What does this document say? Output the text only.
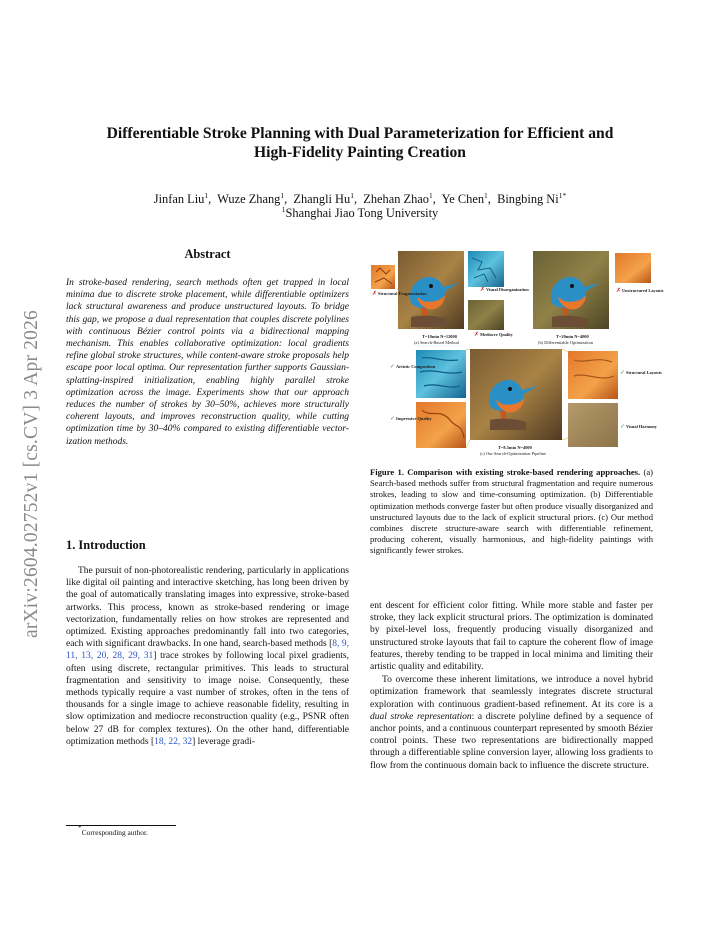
arXiv:2604.02752v1 [cs.CV] 3 Apr 2026
Differentiable Stroke Planning with Dual Parameterization for Efficient and
High-Fidelity Painting Creation
Jinfan Liu$^1$,  Wuze Zhang$^1$,  Zhangli Hu$^1$,  Zhehan Zhao$^1$,  Ye Chen$^1$,  Bingbing $Ni^{1*}$
$^1$Shanghai Jiao Tong University
Abstract
In stroke-based rendering, search methods often get trapped in local minima due to discrete stroke placement, while differentiable optimizers lack structural awareness and produce unstructured layouts. To bridge this gap, we propose a dual representation that couples discrete polylines with continuous Bézier control points via a bidirectional mapping mechanism. This enables collaborative optimization: local gradients refine global stroke structures, while content-aware stroke proposals help escape poor local optima. Our representation further supports Gaussian-splatting-inspired initialization, enabling highly parallel stroke optimization across the image. Experiments show that our approach reduces the number of strokes by 30–50%, achieves more structurally coherent layouts, and improves reconstruction quality, while cutting optimization time by 30–40% compared to existing differentiable vector-ization methods.
1. Introduction

The pursuit of non-photorealistic rendering, particularly in applications like digital oil painting and interactive sketching, has long been driven by the goal of automatically translating images into expressive, stroke-based artworks. This process, known as stroke-based rendering or image vectorization, fundamentally relies on how strokes are represented and optimized. Existing approaches predominantly fall into two categories, each with significant drawbacks. In one hand, search-based methods [8, 9, 11, 13, 20, 28, 29, 31] trace strokes by following local pixel gradients, often using discrete, rectangular primitives. This leads to structural fragmentation and sensitivity to image noise. Consequently, these methods typically require a vast number of strokes, often in the tens of thousands for a single image to achieve reasonable fidelity, resulting in slow optimization and mediocre reconstruction quality (e.g., PSNR often below 27 dB for complex textures). On the other hand, differentiable optimization methods [18, 22, 32] leverage gradi-

*Corresponding author.
✗ Structural Fragmentation
✗ Visual Disorganization
✗ Mediocre Quality
✗ Unstructured Layouts
T=10min N=12000
(a) Search-Based Method
T=20min N=4000
(b) Differentiable Optimization
✓ Artistic Composition
✓ Impressive Quality
✓ Structural Layouts
✓ Visual Harmony
T=8.5min N=4000
(c) Our Search-Optimization Pipeline
Figure 1. Comparison with existing stroke-based rendering approaches. (a) Search-based methods suffer from structural fragmentation and require numerous strokes, leading to slow and time-consuming optimization. (b) Differentiable optimization methods converge faster but often produce visually disorganized and unstructured layouts due to the lack of explicit structural priors. (c) Our method combines discrete structure-aware search with differentiable refinement, producing coherent, visually harmonious, and high-fidelity paintings with significantly fewer strokes.

ent descent for efficient color fitting. While more stable and faster per stroke, they lack explicit structural priors. The optimization is dominated by pixel-level loss, frequently producing visually disorganized and unstructured stroke layouts that fail to capture the coherent flow of image features, thereby tending to be trapped in local minima and limiting their artistic quality and editability.

To overcome these inherent limitations, we introduce a novel hybrid optimization framework that seamlessly integrates discrete structural exploration with continuous gradient-based refinement. At its core is a dual stroke representation: a discrete polyline defined by a sequence of anchor points, and a continuous counterpart represented by smooth Bézier control points. These two representations are bidirectionally mapped through a differentiable spline conversion layer, allowing loss gradients to flow from the continuous domain back to influence the discrete structure.
